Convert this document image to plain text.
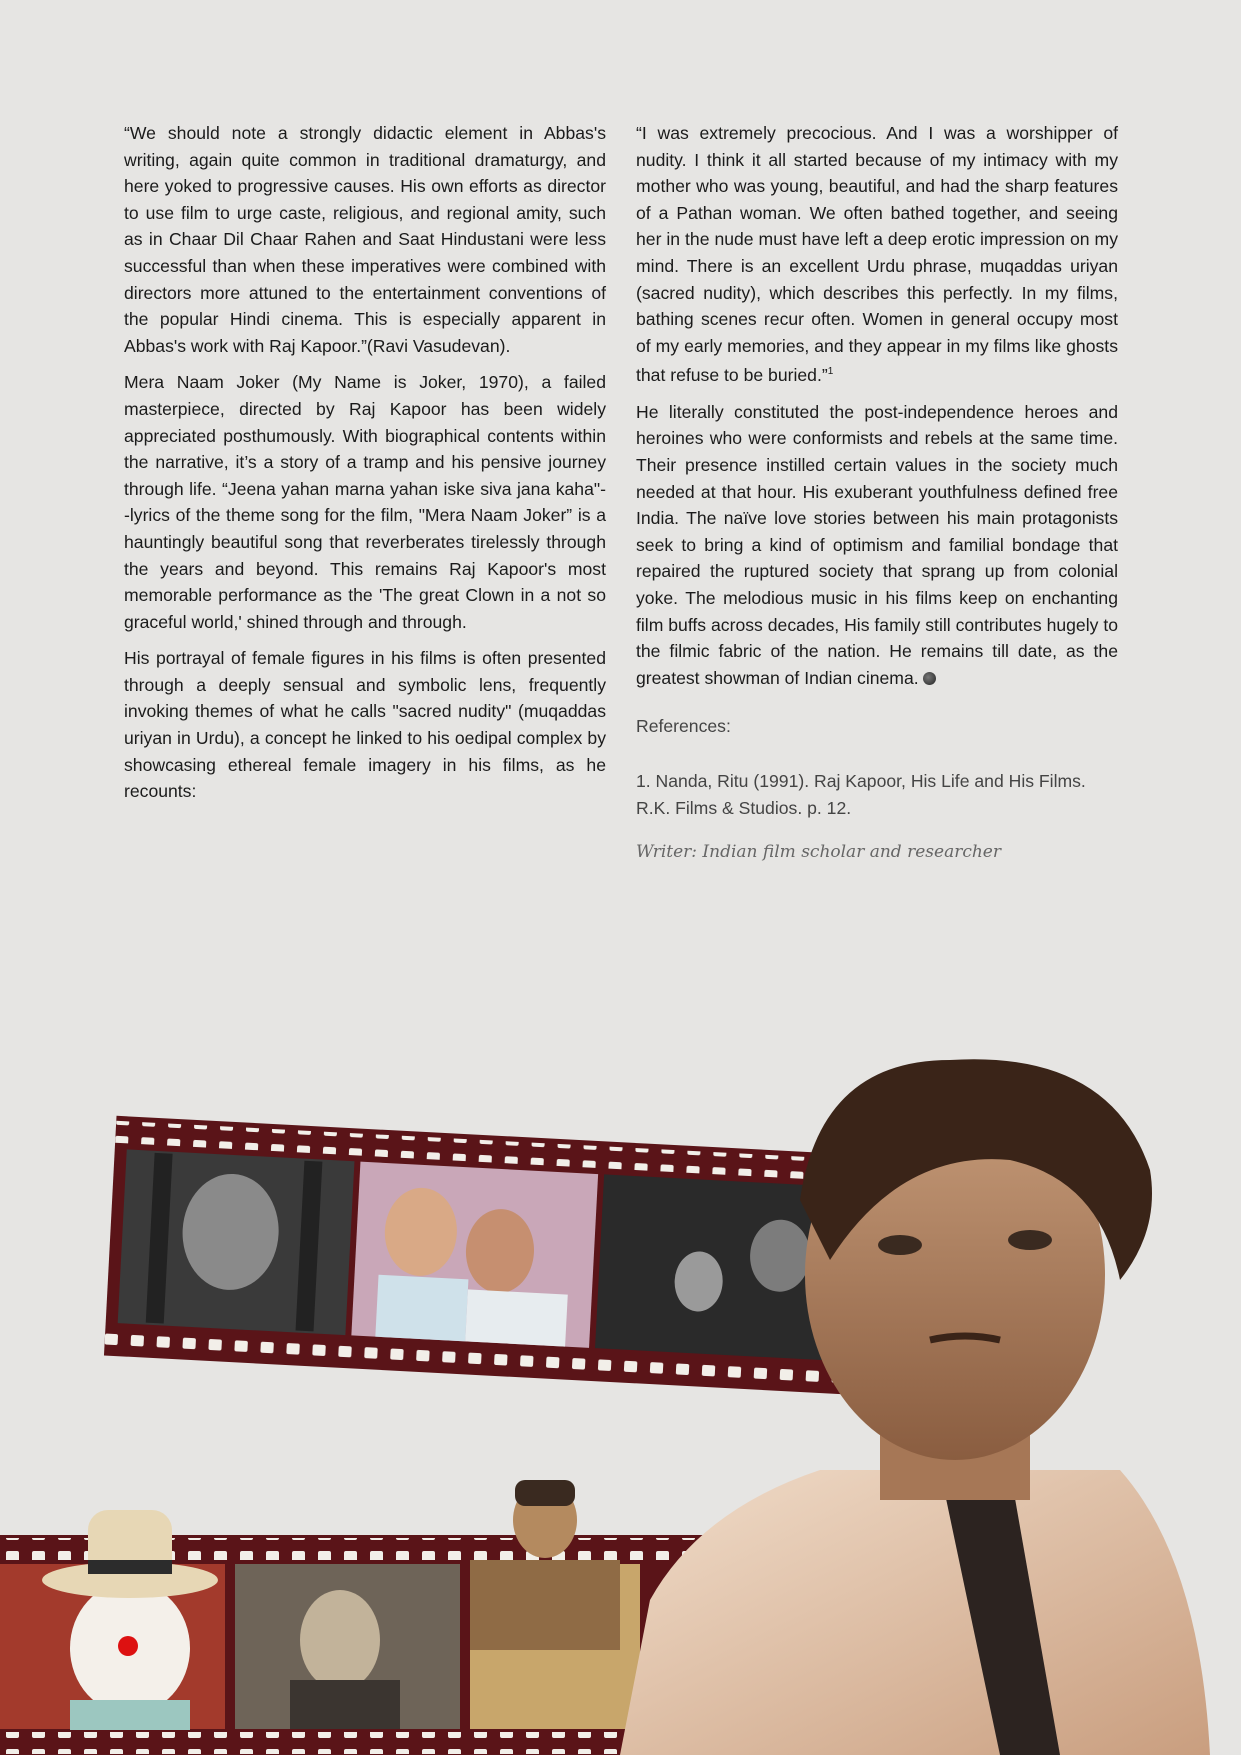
“We should note a strongly didactic element in Abbas's writing, again quite common in traditional dramaturgy, and here yoked to progressive causes. His own efforts as director to use film to urge caste, religious, and regional amity, such as in Chaar Dil Chaar Rahen and Saat Hindustani were less successful than when these imperatives were combined with directors more attuned to the entertainment conventions of the popular Hindi cinema. This is especially apparent in Abbas's work with Raj Kapoor.”(Ravi Vasudevan).

Mera Naam Joker (My Name is Joker, 1970), a failed masterpiece, directed by Raj Kapoor has been widely appreciated posthumously. With biographical contents within the narrative, it’s a story of a tramp and his pensive journey through life. “Jeena yahan marna yahan iske siva jana kaha"--lyrics of the theme song for the film, "Mera Naam Joker” is a hauntingly beautiful song that reverberates tirelessly through the years and beyond. This remains Raj Kapoor's most memorable performance as the 'The great Clown in a not so graceful world,' shined through and through.

His portrayal of female figures in his films is often presented through a deeply sensual and symbolic lens, frequently invoking themes of what he calls "sacred nudity" (muqaddas uriyan in Urdu), a concept he linked to his oedipal complex by showcasing ethereal female imagery in his films, as he recounts:

“I was extremely precocious. And I was a worshipper of nudity. I think it all started because of my intimacy with my mother who was young, beautiful, and had the sharp features of a Pathan woman. We often bathed together, and seeing her in the nude must have left a deep erotic impression on my mind. There is an excellent Urdu phrase, muqaddas uriyan (sacred nudity), which describes this perfectly. In my films, bathing scenes recur often. Women in general occupy most of my early memories, and they appear in my films like ghosts that refuse to be buried.”$^1$

He literally constituted the post-independence heroes and heroines who were conformists and rebels at the same time. Their presence instilled certain values in the society much needed at that hour. His exuberant youthfulness defined free India. The naïve love stories between his main protagonists seek to bring a kind of optimism and familial bondage that repaired the ruptured society that sprang up from colonial yoke. The melodious music in his films keep on enchanting film buffs across decades, His family still contributes hugely to the filmic fabric of the nation. He remains till date, as the greatest showman of Indian cinema.

References:

1. Nanda, Ritu (1991). Raj Kapoor, His Life and His Films. R.K. Films & Studios. p. 12.

Writer: Indian film scholar and researcher
